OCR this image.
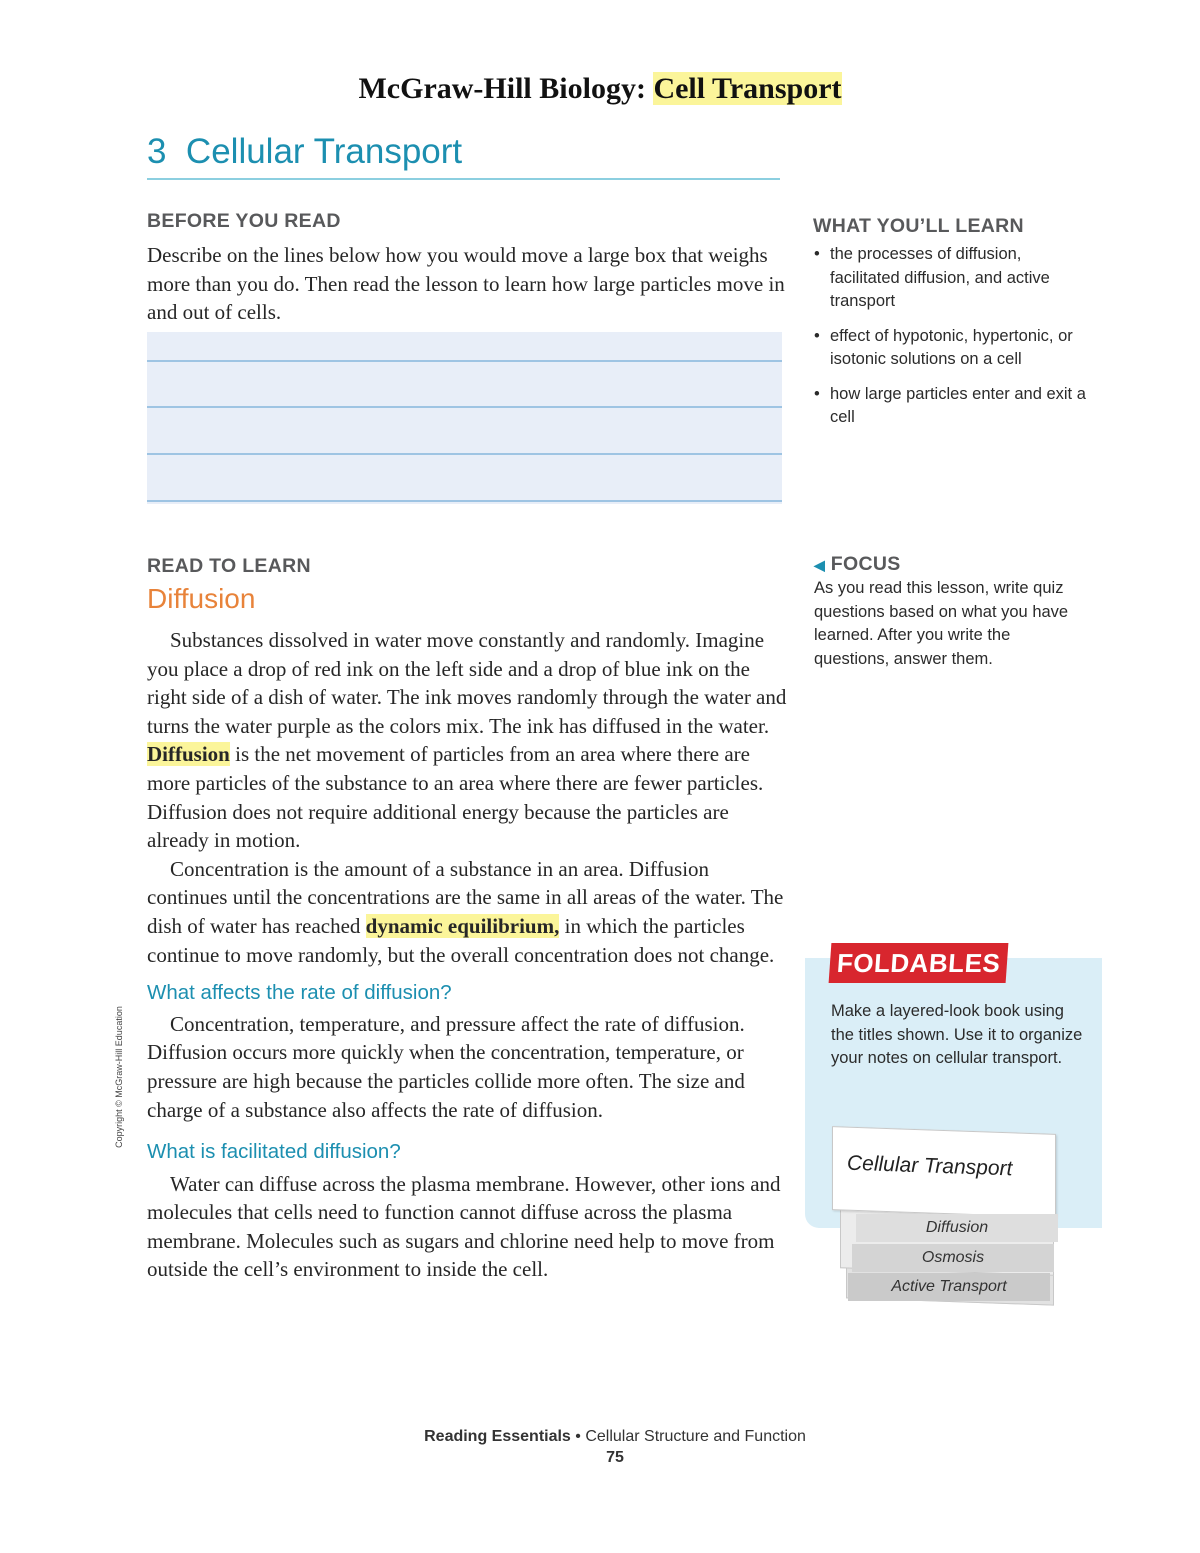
McGraw-Hill Biology: Cell Transport
3 Cellular Transport
BEFORE YOU READ
Describe on the lines below how you would move a large box that weighs more than you do. Then read the lesson to learn how large particles move in and out of cells.
WHAT YOU’LL LEARN
• the processes of diffusion, facilitated diffusion, and active transport
• effect of hypotonic, hypertonic, or isotonic solutions on a cell
• how large particles enter and exit a cell
READ TO LEARN
Diffusion

Substances dissolved in water move constantly and randomly. Imagine you place a drop of red ink on the left side and a drop of blue ink on the right side of a dish of water. The ink moves randomly through the water and turns the water purple as the colors mix. The ink has diffused in the water. Diffusion is the net movement of particles from an area where there are more particles of the substance to an area where there are fewer particles. Diffusion does not require additional energy because the particles are already in motion.

Concentration is the amount of a substance in an area. Diffusion continues until the concentrations are the same in all areas of the water. The dish of water has reached dynamic equilibrium, in which the particles continue to move randomly, but the overall concentration does not change.

What affects the rate of diffusion?

Concentration, temperature, and pressure affect the rate of diffusion. Diffusion occurs more quickly when the concentration, temperature, or pressure are high because the particles collide more often. The size and charge of a substance also affects the rate of diffusion.

What is facilitated diffusion?

Water can diffuse across the plasma membrane. However, other ions and molecules that cells need to function cannot diffuse across the plasma membrane. Molecules such as sugars and chlorine need help to move from outside the cell’s environment to inside the cell.

◀ FOCUS
As you read this lesson, write quiz questions based on what you have learned. After you write the questions, answer them.
FOLDABLES
Make a layered-look book using the titles shown. Use it to organize your notes on cellular transport.
Cellular Transport
Diffusion
Osmosis
Active Transport
Copyright © McGraw-Hill Education
Reading Essentials • Cellular Structure and Function
75
